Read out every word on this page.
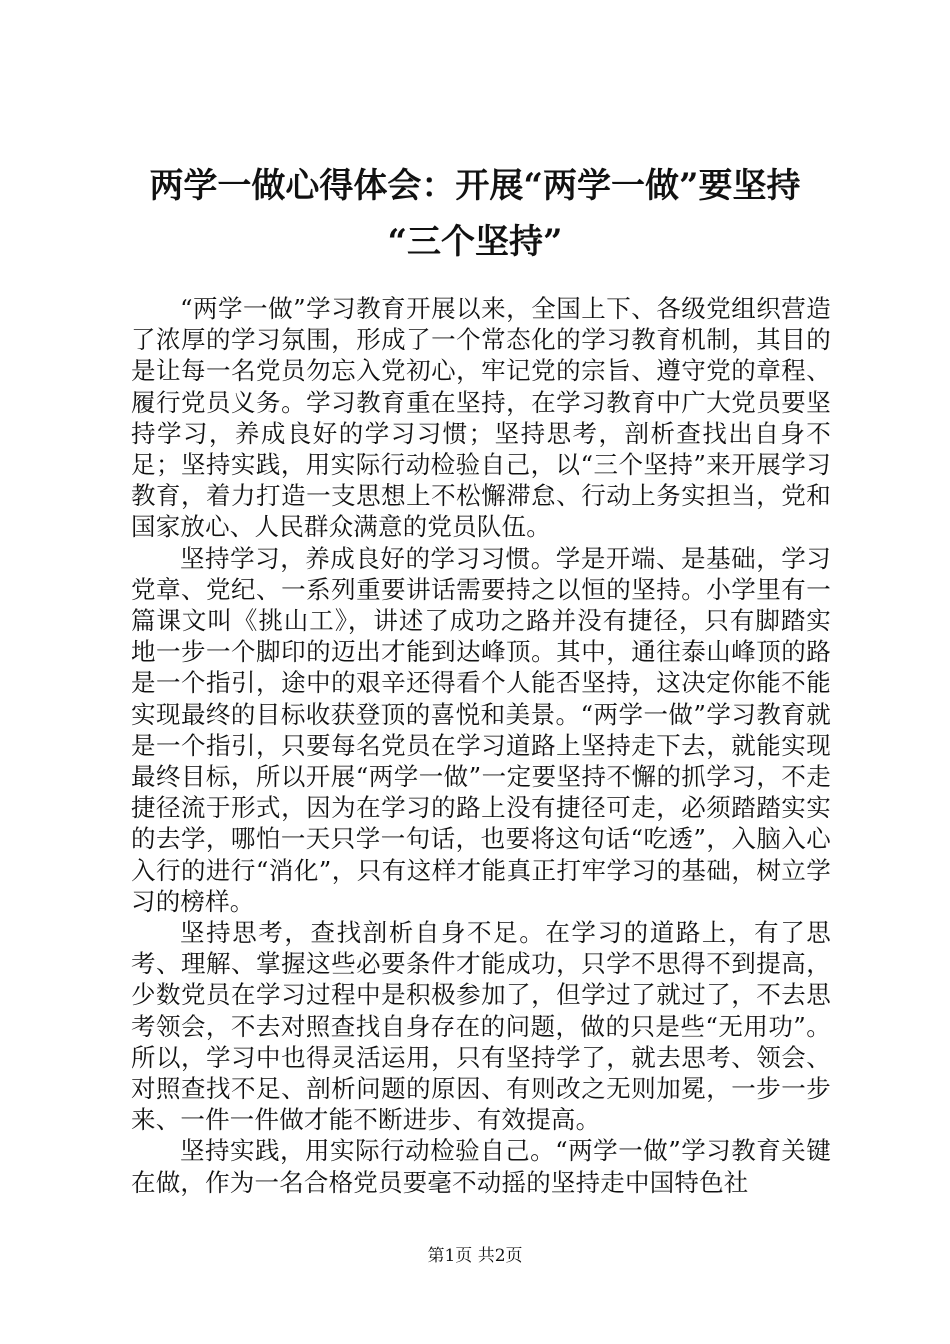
两学一做心得体会：开展“两学一做”要坚持
“三个坚持”

“两学一做”学习教育开展以来，全国上下、各级党组织营造了浓厚的学习氛围，形成了一个常态化的学习教育机制，其目的是让每一名党员勿忘入党初心，牢记党的宗旨、遵守党的章程、履行党员义务。学习教育重在坚持，在学习教育中广大党员要坚持学习，养成良好的学习习惯；坚持思考，剖析查找出自身不足；坚持实践，用实际行动检验自己，以“三个坚持”来开展学习教育，着力打造一支思想上不松懈滞怠、行动上务实担当，党和国家放心、人民群众满意的党员队伍。

坚持学习，养成良好的学习习惯。学是开端、是基础，学习党章、党纪、一系列重要讲话需要持之以恒的坚持。小学里有一篇课文叫《挑山工》，讲述了成功之路并没有捷径，只有脚踏实地一步一个脚印的迈出才能到达峰顶。其中，通往泰山峰顶的路是一个指引，途中的艰辛还得看个人能否坚持，这决定你能不能实现最终的目标收获登顶的喜悦和美景。“两学一做”学习教育就是一个指引，只要每名党员在学习道路上坚持走下去，就能实现最终目标，所以开展“两学一做”一定要坚持不懈的抓学习，不走捷径流于形式，因为在学习的路上没有捷径可走，必须踏踏实实的去学，哪怕一天只学一句话，也要将这句话“吃透”，入脑入心入行的进行“消化”，只有这样才能真正打牢学习的基础，树立学习的榜样。

坚持思考，查找剖析自身不足。在学习的道路上，有了思考、理解、掌握这些必要条件才能成功，只学不思得不到提高，少数党员在学习过程中是积极参加了，但学过了就过了，不去思考领会，不去对照查找自身存在的问题，做的只是些“无用功”。所以，学习中也得灵活运用，只有坚持学了，就去思考、领会、对照查找不足、剖析问题的原因、有则改之无则加冕，一步一步来、一件一件做才能不断进步、有效提高。

坚持实践，用实际行动检验自己。“两学一做”学习教育关键在做，作为一名合格党员要毫不动摇的坚持走中国特色社

第1页 共2页
